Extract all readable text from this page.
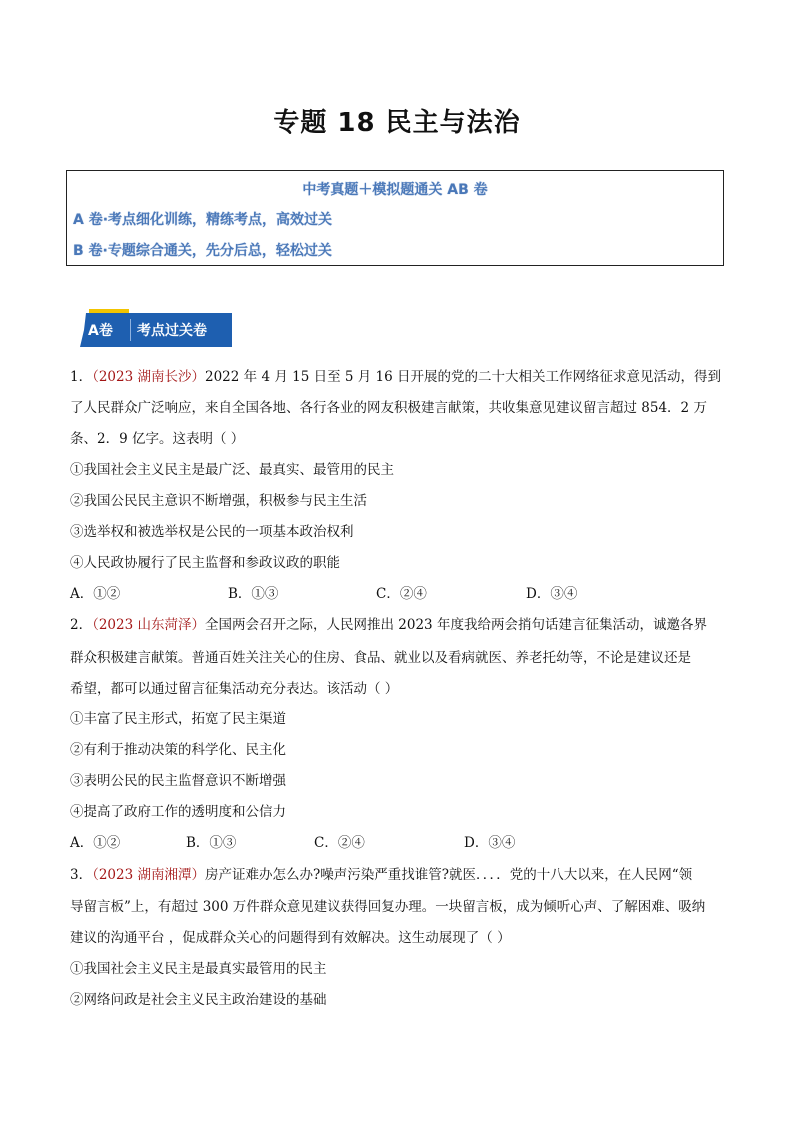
专题 18 民主与法治
中考真题＋模拟题通关 AB 卷
A 卷·考点细化训练，精练考点，高效过关
B 卷·专题综合通关，先分后总，轻松过关
A卷 考点过关卷
1．（2023 湖南长沙）2022 年 4 月 15 日至 5 月 16 日开展的党的二十大相关工作网络征求意见活动，得到
了人民群众广泛响应，来自全国各地、各行各业的网友积极建言献策，共收集意见建议留言超过 854．2 万
条、2．9 亿字。这表明（ ）
①我国社会主义民主是最广泛、最真实、最管用的民主
②我国公民民主意识不断增强，积极参与民主生活
③选举权和被选举权是公民的一项基本政治权利
④人民政协履行了民主监督和参政议政的职能
A．①②	B．①③	C．②④	D．③④
2．（2023 山东菏泽）全国两会召开之际，人民网推出 2023 年度我给两会捎句话建言征集活动，诚邀各界
群众积极建言献策。普通百姓关注关心的住房、食品、就业以及看病就医、养老托幼等，不论是建议还是
希望，都可以通过留言征集活动充分表达。该活动（ ）
①丰富了民主形式，拓宽了民主渠道
②有利于推动决策的科学化、民主化
③表明公民的民主监督意识不断增强
④提高了政府工作的透明度和公信力
A．①②	B．①③	C．②④	D．③④
3．（2023 湖南湘潭）房产证难办怎么办?噪声污染严重找谁管?就医．．．．党的十八大以来，在人民网“领
导留言板”上，有超过 300 万件群众意见建议获得回复办理。一块留言板，成为倾听心声、了解困难、吸纳
建议的沟通平台 ，促成群众关心的问题得到有效解决。这生动展现了（ ）
①我国社会主义民主是最真实最管用的民主
②网络问政是社会主义民主政治建设的基础
